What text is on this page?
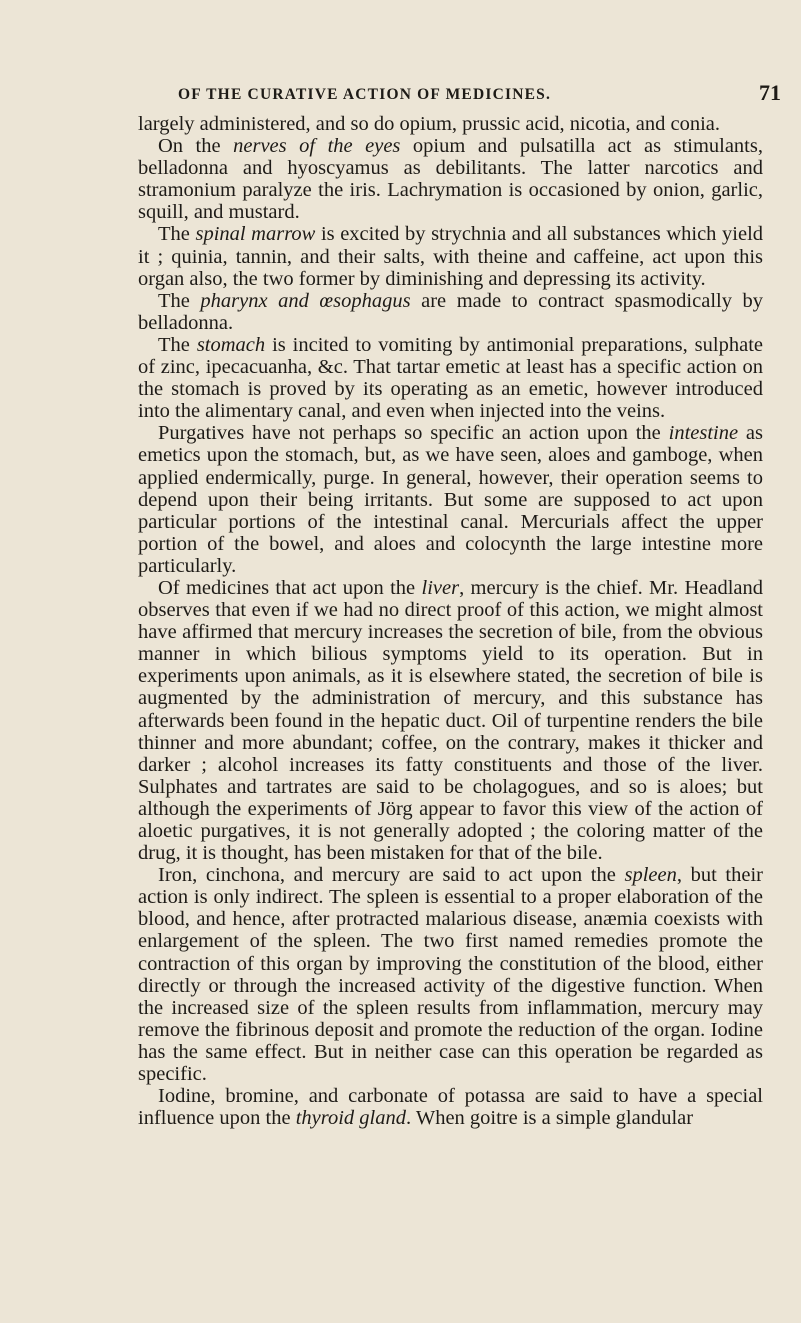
OF THE CURATIVE ACTION OF MEDICINES.	71

largely administered, and so do opium, prussic acid, nicotia, and conia.

On the nerves of the eyes opium and pulsatilla act as stimulants, belladonna and hyoscyamus as debilitants. The latter narcotics and stramonium paralyze the iris. Lachrymation is occasioned by onion, garlic, squill, and mustard.

The spinal marrow is excited by strychnia and all substances which yield it ; quinia, tannin, and their salts, with theine and caffeine, act upon this organ also, the two former by diminishing and depressing its activity.

The pharynx and œsophagus are made to contract spasmodically by belladonna.

The stomach is incited to vomiting by antimonial preparations, sulphate of zinc, ipecacuanha, &c. That tartar emetic at least has a specific action on the stomach is proved by its operating as an emetic, however introduced into the alimentary canal, and even when injected into the veins.

Purgatives have not perhaps so specific an action upon the intestine as emetics upon the stomach, but, as we have seen, aloes and gamboge, when applied endermically, purge. In general, however, their operation seems to depend upon their being irritants. But some are supposed to act upon particular portions of the intestinal canal. Mercurials affect the upper portion of the bowel, and aloes and colocynth the large intestine more particularly.

Of medicines that act upon the liver, mercury is the chief. Mr. Headland observes that even if we had no direct proof of this action, we might almost have affirmed that mercury increases the secretion of bile, from the obvious manner in which bilious symptoms yield to its operation. But in experiments upon animals, as it is elsewhere stated, the secretion of bile is augmented by the administration of mercury, and this substance has afterwards been found in the hepatic duct. Oil of turpentine renders the bile thinner and more abundant; coffee, on the contrary, makes it thicker and darker ; alcohol increases its fatty constituents and those of the liver. Sulphates and tartrates are said to be cholagogues, and so is aloes; but although the experiments of Jörg appear to favor this view of the action of aloetic purgatives, it is not generally adopted ; the coloring matter of the drug, it is thought, has been mistaken for that of the bile.

Iron, cinchona, and mercury are said to act upon the spleen, but their action is only indirect. The spleen is essential to a proper elaboration of the blood, and hence, after protracted malarious disease, anæmia coexists with enlargement of the spleen. The two first named remedies promote the contraction of this organ by improving the constitution of the blood, either directly or through the increased activity of the digestive function. When the increased size of the spleen results from inflammation, mercury may remove the fibrinous deposit and promote the reduction of the organ. Iodine has the same effect. But in neither case can this operation be regarded as specific.

Iodine, bromine, and carbonate of potassa are said to have a special influence upon the thyroid gland. When goitre is a simple glandular
